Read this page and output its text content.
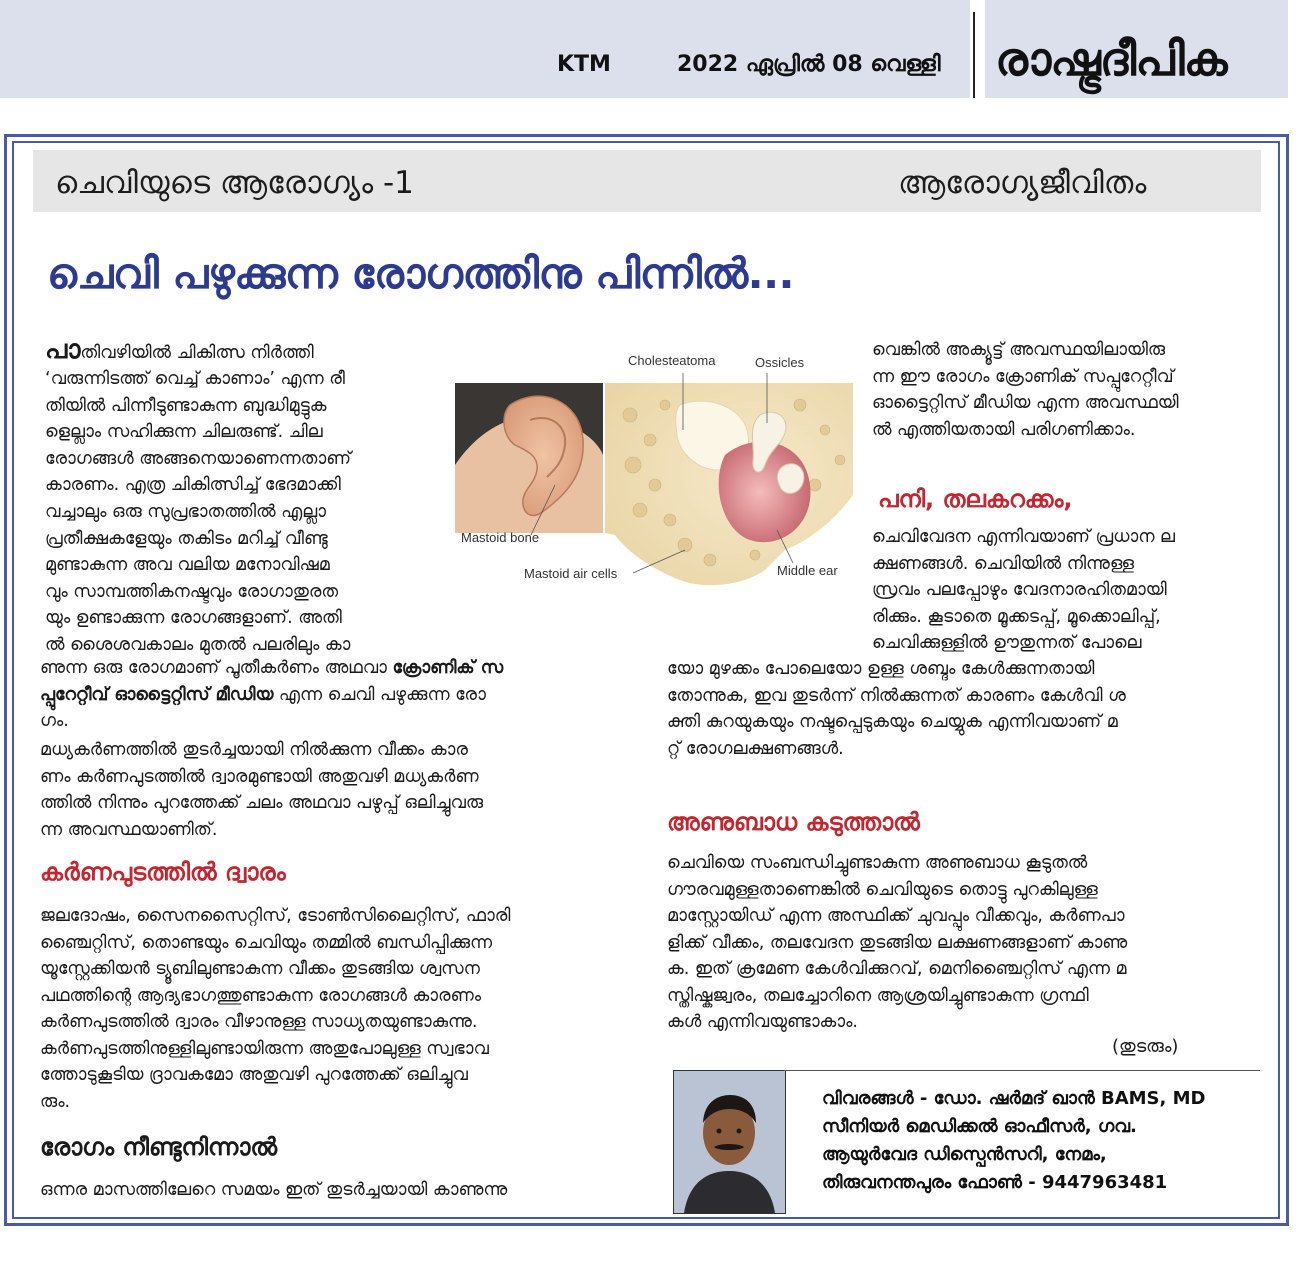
KTM	2022 ഏപ്രിൽ 08 വെള്ളി രാഷ്ട്രദീപിക
ചെവിയുടെ ആരോഗ്യം -1	ആരോഗ്യജീവിതം
ചെവി പഴുക്കുന്ന രോഗത്തിനു പിന്നിൽ...
പാതിവഴിയിൽ ചികിത്സ നിർത്തി
‘വരുന്നിടത്ത് വെച്ച് കാണാം’ എന്ന രീ
തിയിൽ പിന്നീടുണ്ടാകുന്ന ബുദ്ധിമുട്ടുക
ളെല്ലാം സഹിക്കുന്ന ചിലരുണ്ട്. ചില
രോഗങ്ങൾ അങ്ങനെയാണെന്നതാണ്
കാരണം. എത്ര ചികിത്സിച്ച് ഭേദമാക്കി
വച്ചാലും ഒരു സുപ്രഭാതത്തിൽ എല്ലാ
പ്രതീക്ഷകളേയും തകിടം മറിച്ച് വീണ്ടു
മുണ്ടാകുന്ന അവ വലിയ മനോവിഷമ
വും സാമ്പത്തികനഷ്ടവും രോഗാതുരത
യും ഉണ്ടാക്കുന്ന രോഗങ്ങളാണ്. അതി
ൽ ശൈശവകാലം മുതൽ പലരിലും കാ
ണുന്ന ഒരു രോഗമാണ് പൂതീകർണം അഥവാ ക്രോണിക് സ
പ്പുറേറ്റീവ് ഓട്ടൈറ്റിസ് മീഡിയ എന്ന ചെവി പഴുക്കുന്ന രോ
ഗം.
മധ്യകർണത്തിൽ തുടർച്ചയായി നിൽക്കുന്ന വീക്കം കാര
ണം കർണപുടത്തിൽ ദ്വാരമുണ്ടായി അതുവഴി മധ്യകർണ
ത്തിൽ നിന്നും പുറത്തേക്ക് ചലം അഥവാ പഴുപ്പ് ഒലിച്ചുവരു
ന്ന അവസ്ഥയാണിത്.
കർണപുടത്തിൽ ദ്വാരം
ജലദോഷം, സൈനസൈറ്റിസ്, ടോൺസിലൈറ്റിസ്, ഫാരി
ഞ്ചൈറ്റിസ്, തൊണ്ടയും ചെവിയും തമ്മിൽ ബന്ധിപ്പിക്കുന്ന
യൂസ്റ്റേക്കിയൻ ട്യൂബിലുണ്ടാകുന്ന വീക്കം തുടങ്ങിയ ശ്വസന
പഥത്തിന്റെ ആദ്യഭാഗത്തുണ്ടാകുന്ന രോഗങ്ങൾ കാരണം
കർണപുടത്തിൽ ദ്വാരം വീഴാനുള്ള സാധ്യതയുണ്ടാകുന്നു.
കർണപുടത്തിനുള്ളിലുണ്ടായിരുന്ന അതുപോലുള്ള സ്വഭാവ
ത്തോടുകൂടിയ ദ്രാവകമോ അതുവഴി പുറത്തേക്ക് ഒലിച്ചുവ
രും.
രോഗം നീണ്ടുനിന്നാൽ
ഒന്നര മാസത്തിലേറെ സമയം ഇത് തുടർച്ചയായി കാണുന്നു
Cholesteatoma	Ossicles
Mastoid bone
Mastoid air cells	Middle ear
വെങ്കിൽ അക്യൂട്ട് അവസ്ഥയിലായിരു
ന്ന ഈ രോഗം ക്രോണിക് സപ്പുറേറ്റീവ്
ഓട്ടൈറ്റിസ് മീഡിയ എന്ന അവസ്ഥയി
ൽ എത്തിയതായി പരിഗണിക്കാം.
പനി, തലകറക്കം,
ചെവിവേദന എന്നിവയാണ് പ്രധാന ല
ക്ഷണങ്ങൾ. ചെവിയിൽ നിന്നുള്ള
സ്രവം പലപ്പോഴും വേദനാരഹിതമായി
രിക്കും. കൂടാതെ മൂക്കടപ്പ്, മൂക്കൊലിപ്പ്,
ചെവിക്കുള്ളിൽ ഊതുന്നത് പോലെ
യോ മുഴക്കം പോലെയോ ഉള്ള ശബ്ദം കേൾക്കുന്നതായി
തോന്നുക, ഇവ തുടർന്ന് നിൽക്കുന്നത് കാരണം കേൾവി ശ
ക്തി കുറയുകയും നഷ്ടപ്പെടുകയും ചെയ്യുക എന്നിവയാണ് മ
റ്റ് രോഗലക്ഷണങ്ങൾ.
അണുബാധ കടുത്താൽ
ചെവിയെ സംബന്ധിച്ചുണ്ടാകുന്ന അണുബാധ കൂടുതൽ
ഗൗരവമുള്ളതാണെങ്കിൽ ചെവിയുടെ തൊട്ടു പുറകിലുള്ള
മാസ്റ്റോയിഡ് എന്ന അസ്ഥിക്ക് ചുവപ്പും വീക്കവും, കർണപാ
ളിക്ക് വീക്കം, തലവേദന തുടങ്ങിയ ലക്ഷണങ്ങളാണ് കാണു
ക. ഇത് ക്രമേണ കേൾവിക്കുറവ്, മെനിഞ്ചൈറ്റിസ് എന്ന മ
സ്തിഷ്കജ്വരം, തലച്ചോറിനെ ആശ്രയിച്ചുണ്ടാകുന്ന ഗ്രന്ഥി
കൾ എന്നിവയുണ്ടാകാം.
(തുടരും)
വിവരങ്ങൾ - ഡോ. ഷർമദ് ഖാൻ BAMS, MD
സീനിയർ മെഡിക്കൽ ഓഫീസർ, ഗവ.
ആയുർവേദ ഡിസ്പെൻസറി, നേമം,
തിരുവനന്തപുരം ഫോൺ - 9447963481
